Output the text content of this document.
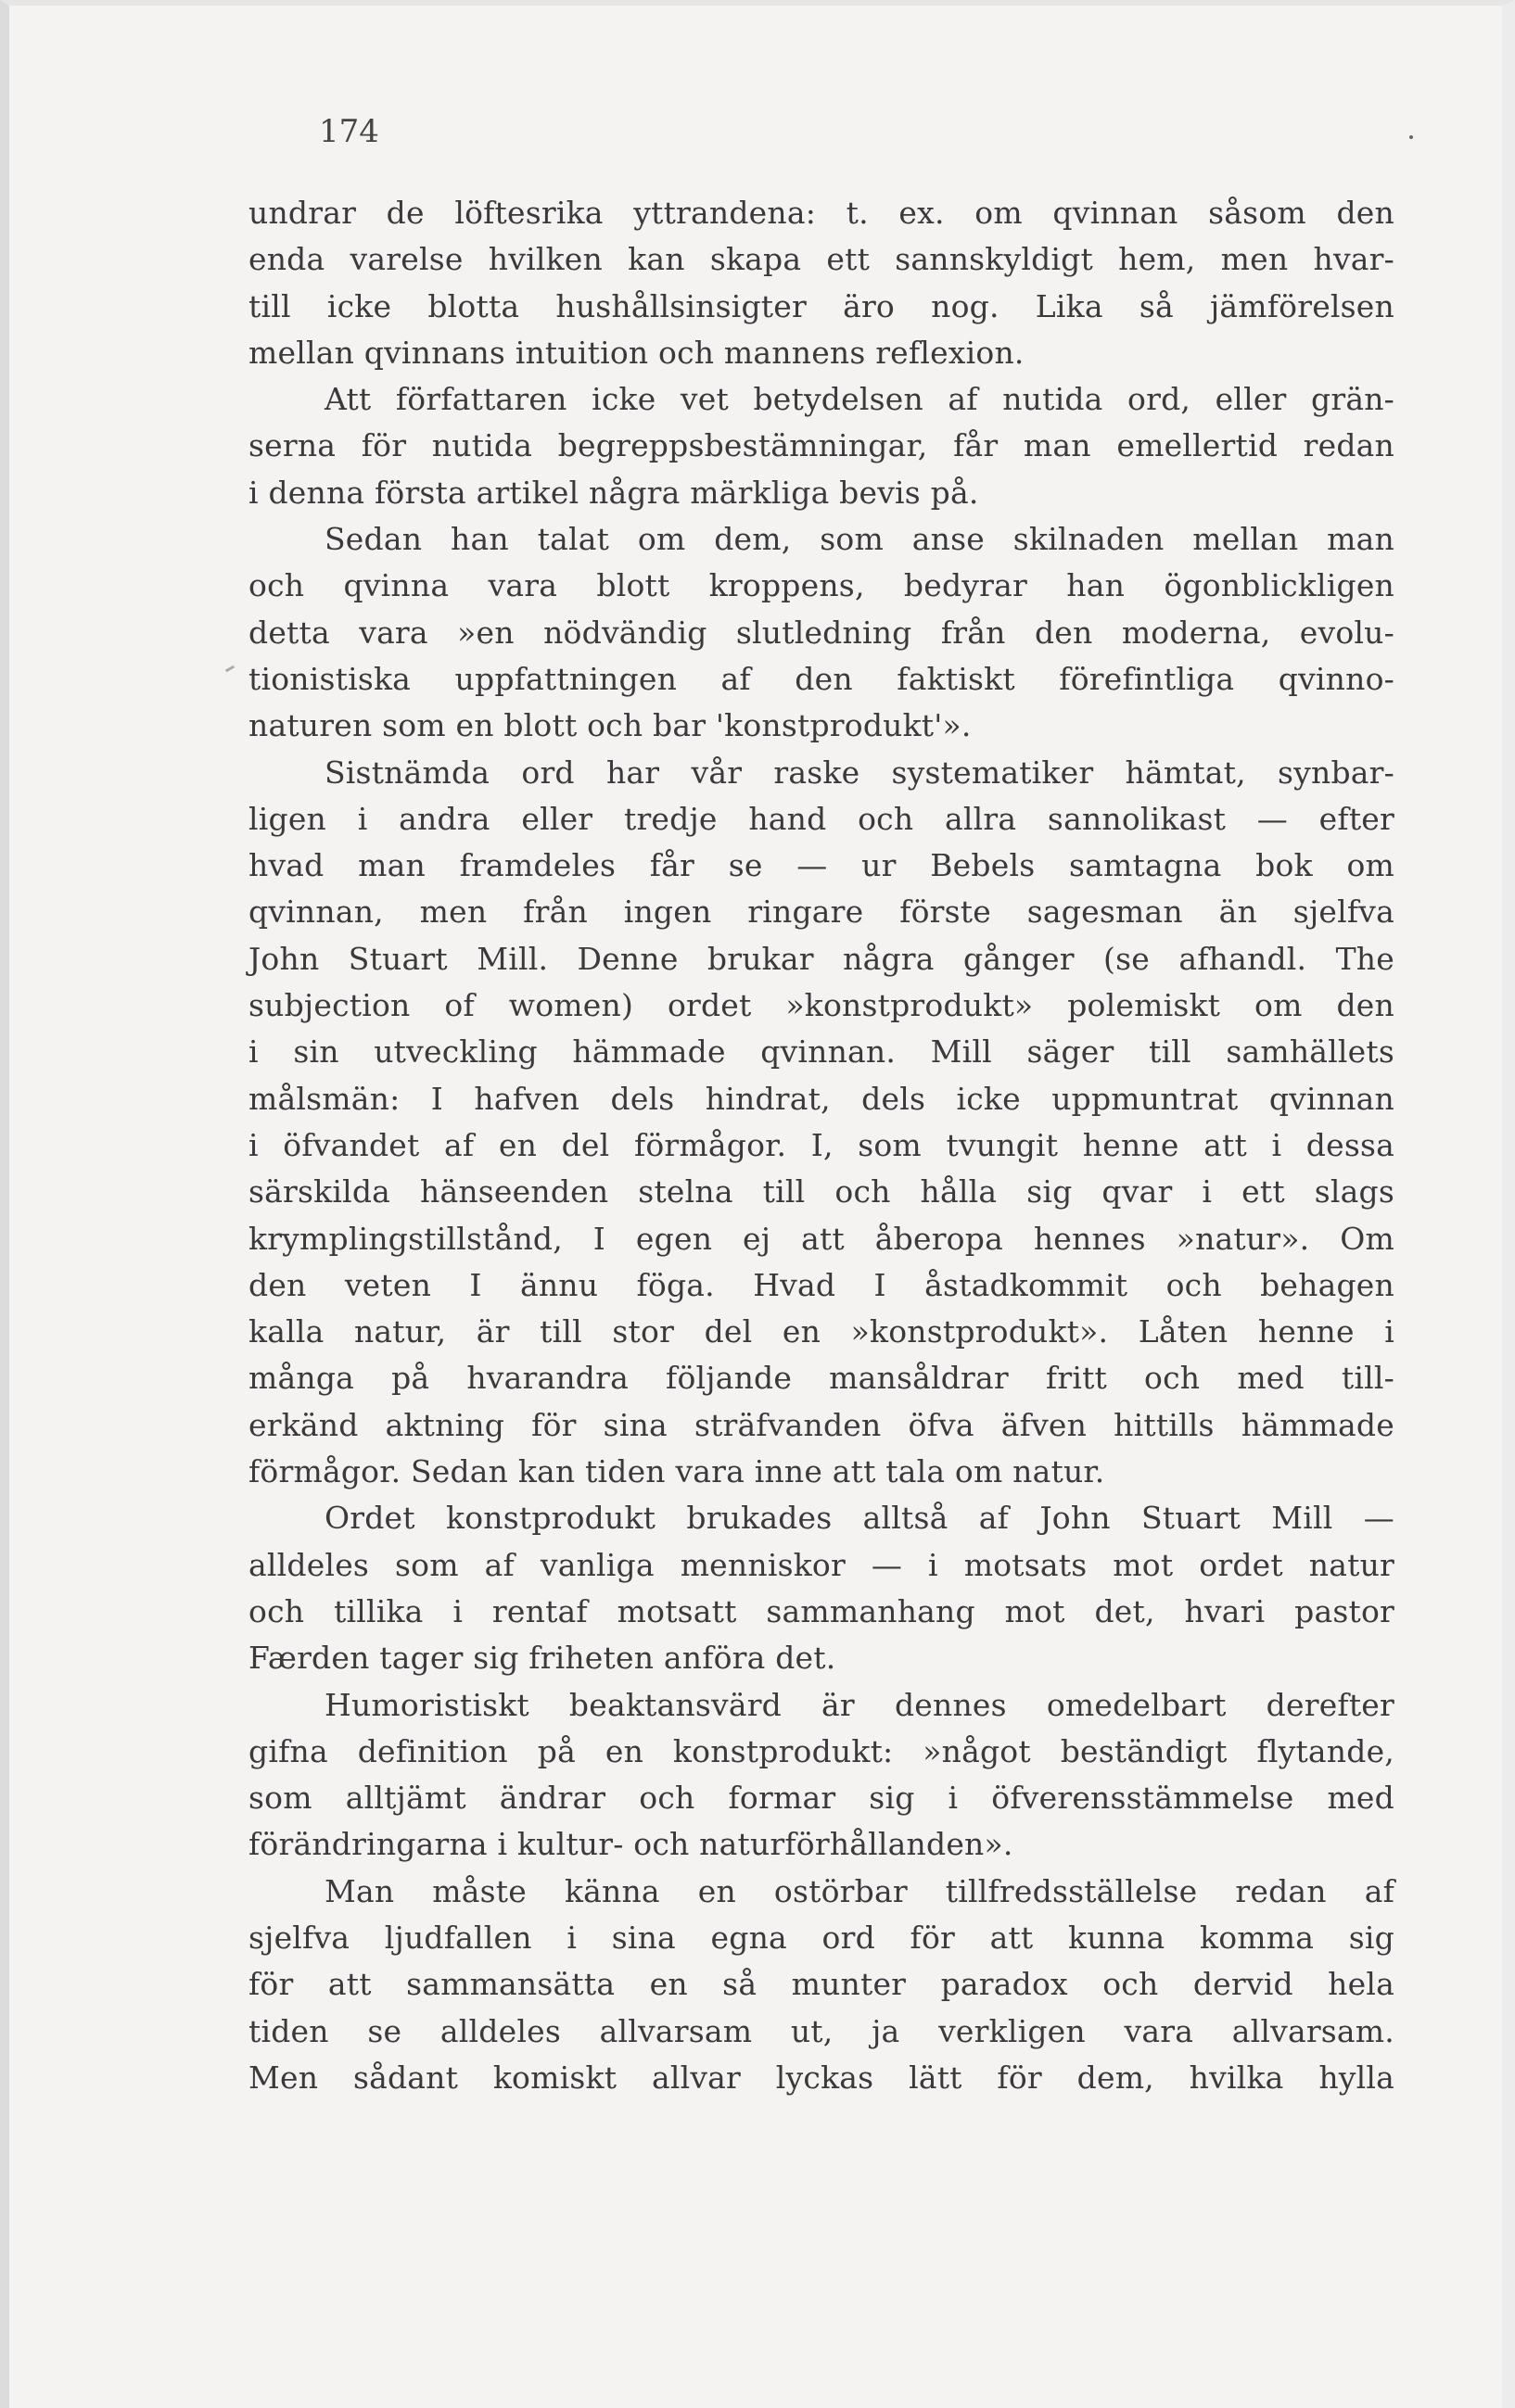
174
undrar de löftesrika yttrandena: t. ex. om qvinnan såsom den
enda varelse hvilken kan skapa ett sannskyldigt hem, men hvar-
till icke blotta hushållsinsigter äro nog. Lika så jämförelsen
mellan qvinnans intuition och mannens reflexion.
Att författaren icke vet betydelsen af nutida ord, eller grän-
serna för nutida begreppsbestämningar, får man emellertid redan
i denna första artikel några märkliga bevis på.
Sedan han talat om dem, som anse skilnaden mellan man
och qvinna vara blott kroppens, bedyrar han ögonblickligen
detta vara »en nödvändig slutledning från den moderna, evolu-
tionistiska uppfattningen af den faktiskt förefintliga qvinno-
naturen som en blott och bar 'konstprodukt'».
Sistnämda ord har vår raske systematiker hämtat, synbar-
ligen i andra eller tredje hand och allra sannolikast — efter
hvad man framdeles får se — ur Bebels samtagna bok om
qvinnan, men från ingen ringare förste sagesman än sjelfva
John Stuart Mill. Denne brukar några gånger (se afhandl. The
subjection of women) ordet »konstprodukt» polemiskt om den
i sin utveckling hämmade qvinnan. Mill säger till samhällets
målsmän: I hafven dels hindrat, dels icke uppmuntrat qvinnan
i öfvandet af en del förmågor. I, som tvungit henne att i dessa
särskilda hänseenden stelna till och hålla sig qvar i ett slags
krymplingstillstånd, I egen ej att åberopa hennes »natur». Om
den veten I ännu föga. Hvad I åstadkommit och behagen
kalla natur, är till stor del en »konstprodukt». Låten henne i
många på hvarandra följande mansåldrar fritt och med till-
erkänd aktning för sina sträfvanden öfva äfven hittills hämmade
förmågor. Sedan kan tiden vara inne att tala om natur.
Ordet konstprodukt brukades alltså af John Stuart Mill —
alldeles som af vanliga menniskor — i motsats mot ordet natur
och tillika i rentaf motsatt sammanhang mot det, hvari pastor
Færden tager sig friheten anföra det.
Humoristiskt beaktansvärd är dennes omedelbart derefter
gifna definition på en konstprodukt: »något beständigt flytande,
som alltjämt ändrar och formar sig i öfverensstämmelse med
förändringarna i kultur- och naturförhållanden».
Man måste känna en ostörbar tillfredsställelse redan af
sjelfva ljudfallen i sina egna ord för att kunna komma sig
för att sammansätta en så munter paradox och dervid hela
tiden se alldeles allvarsam ut, ja verkligen vara allvarsam.
Men sådant komiskt allvar lyckas lätt för dem, hvilka hylla
